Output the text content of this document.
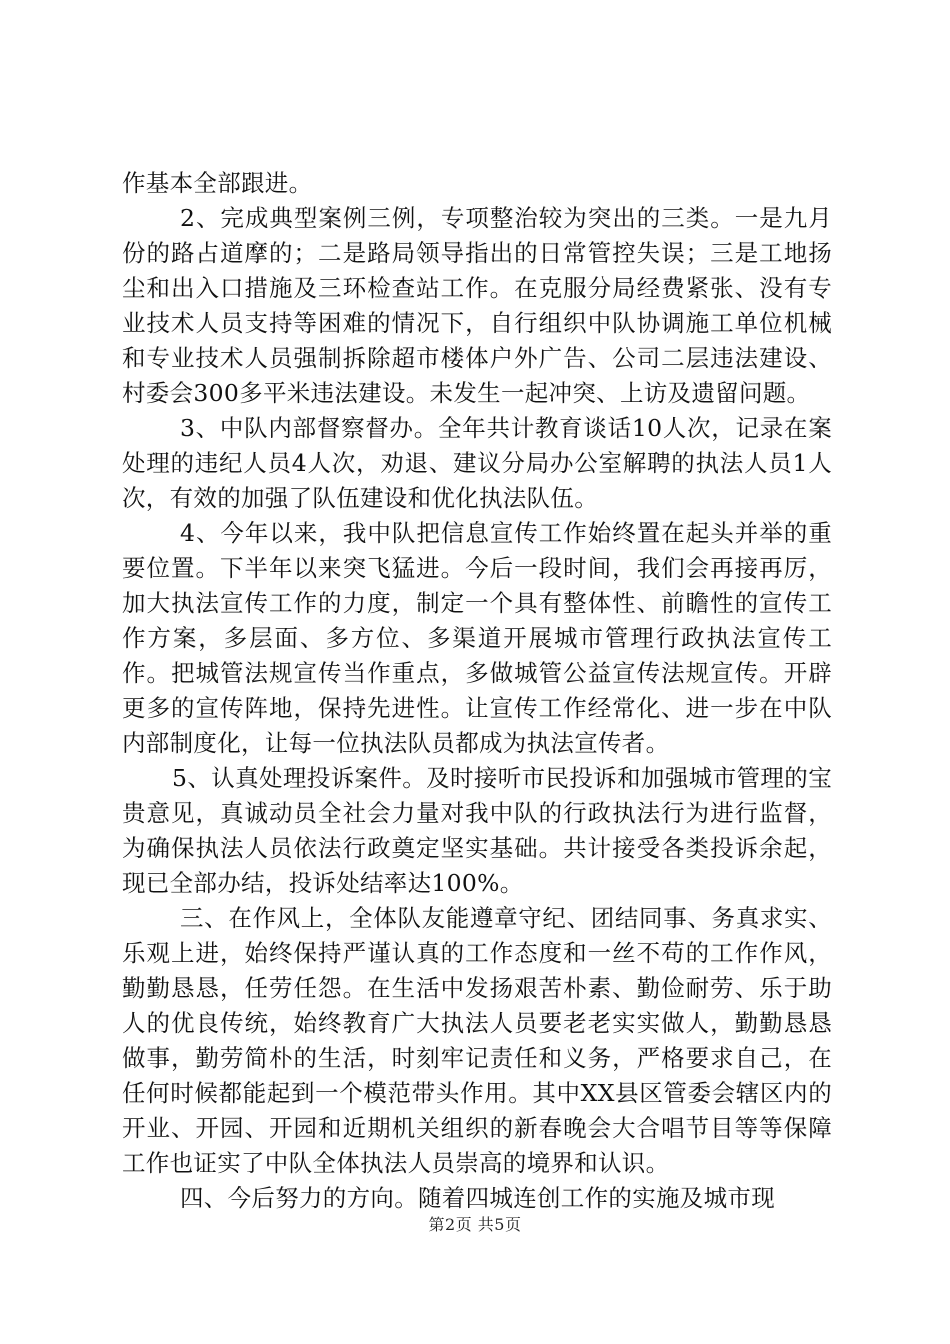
作基本全部跟进。

2、完成典型案例三例，专项整治较为突出的三类。一是九月份的路占道摩的；二是路局领导指出的日常管控失误；三是工地扬尘和出入口措施及三环检查站工作。在克服分局经费紧张、没有专业技术人员支持等困难的情况下，自行组织中队协调施工单位机械和专业技术人员强制拆除超市楼体户外广告、公司二层违法建设、村委会300多平米违法建设。未发生一起冲突、上访及遗留问题。

3、中队内部督察督办。全年共计教育谈话10人次，记录在案处理的违纪人员4人次，劝退、建议分局办公室解聘的执法人员1人次，有效的加强了队伍建设和优化执法队伍。

4、今年以来，我中队把信息宣传工作始终置在起头并举的重要位置。下半年以来突飞猛进。今后一段时间，我们会再接再厉，加大执法宣传工作的力度，制定一个具有整体性、前瞻性的宣传工作方案，多层面、多方位、多渠道开展城市管理行政执法宣传工作。把城管法规宣传当作重点，多做城管公益宣传法规宣传。开辟更多的宣传阵地，保持先进性。让宣传工作经常化、进一步在中队内部制度化，让每一位执法队员都成为执法宣传者。

5、认真处理投诉案件。及时接听市民投诉和加强城市管理的宝贵意见，真诚动员全社会力量对我中队的行政执法行为进行监督，为确保执法人员依法行政奠定坚实基础。共计接受各类投诉余起，现已全部办结，投诉处结率达100%。

三、在作风上，全体队友能遵章守纪、团结同事、务真求实、乐观上进，始终保持严谨认真的工作态度和一丝不苟的工作作风，勤勤恳恳，任劳任怨。在生活中发扬艰苦朴素、勤俭耐劳、乐于助人的优良传统，始终教育广大执法人员要老老实实做人，勤勤恳恳做事，勤劳简朴的生活，时刻牢记责任和义务，严格要求自己，在任何时候都能起到一个模范带头作用。其中XX县区管委会辖区内的开业、开园、开园和近期机关组织的新春晚会大合唱节目等等保障工作也证实了中队全体执法人员崇高的境界和认识。

四、今后努力的方向。随着四城连创工作的实施及城市现

第2页 共5页
